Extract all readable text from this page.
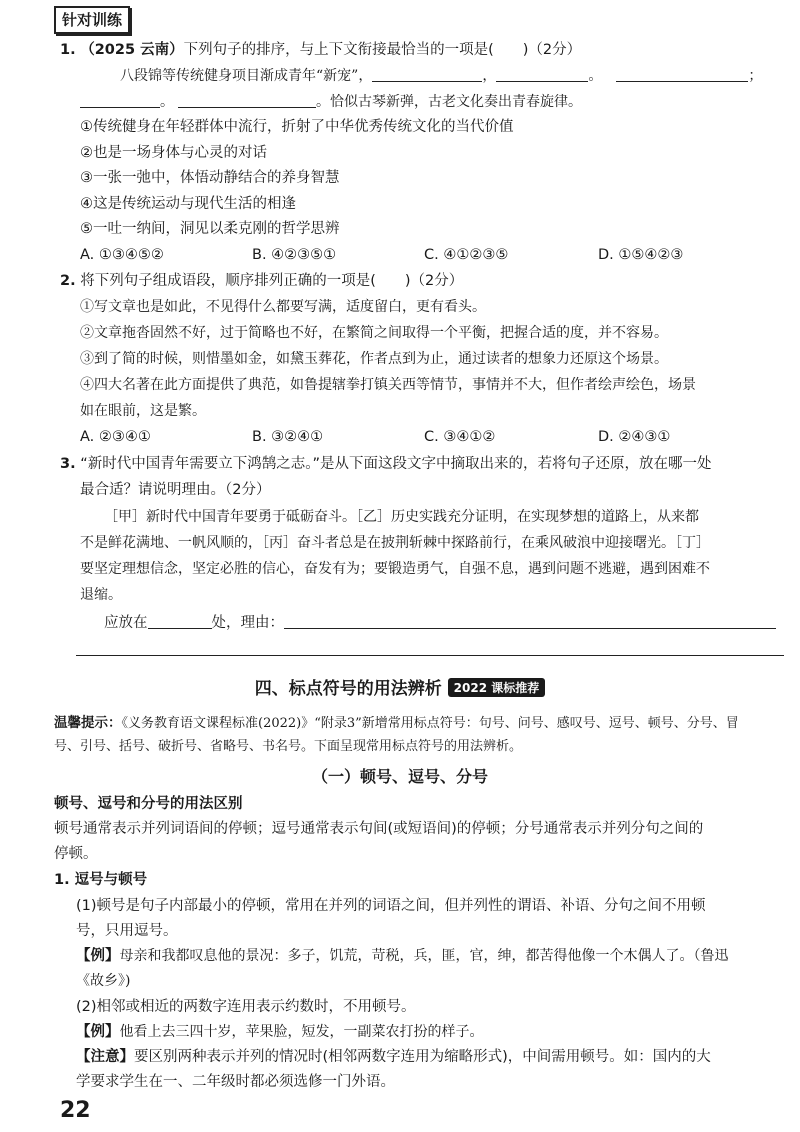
针对训练
1. （2025 云南）下列句子的排序，与上下文衔接最恰当的一项是(　　)（2分）
八段锦等传统健身项目渐成青年“新宠”，	，	。	；
。	。恰似古琴新弹，古老文化奏出青春旋律。
①传统健身在年轻群体中流行，折射了中华优秀传统文化的当代价值
②也是一场身体与心灵的对话
③一张一弛中，体悟动静结合的养身智慧
④这是传统运动与现代生活的相逢
⑤一吐一纳间，洞见以柔克刚的哲学思辨
A. ①③④⑤②	B. ④②③⑤①	C. ④①②③⑤	D. ①⑤④②③
2. 将下列句子组成语段，顺序排列正确的一项是(　　)（2分）
①写文章也是如此，不见得什么都要写满，适度留白，更有看头。
②文章拖沓固然不好，过于简略也不好，在繁简之间取得一个平衡，把握合适的度，并不容易。
③到了简的时候，则惜墨如金，如黛玉葬花，作者点到为止，通过读者的想象力还原这个场景。
④四大名著在此方面提供了典范，如鲁提辖拳打镇关西等情节，事情并不大，但作者绘声绘色，场景
如在眼前，这是繁。
A. ②③④①	B. ③②④①	C. ③④①②	D. ②④③①
3. “新时代中国青年需要立下鸿鹄之志。”是从下面这段文字中摘取出来的，若将句子还原，放在哪一处
最合适？请说明理由。（2分）
［甲］新时代中国青年要勇于砥砺奋斗。［乙］历史实践充分证明，在实现梦想的道路上，从来都
不是鲜花满地、一帆风顺的，［丙］奋斗者总是在披荆斩棘中探路前行，在乘风破浪中迎接曙光。［丁］
要坚定理想信念，坚定必胜的信心，奋发有为；要锻造勇气，自强不息，遇到问题不逃避，遇到困难不
退缩。
应放在	处，理由：
四、标点符号的用法辨析 2022 课标推荐
温馨提示：《义务教育语文课程标准(2022)》“附录3”新增常用标点符号：句号、问号、感叹号、逗号、顿号、分号、冒
号、引号、括号、破折号、省略号、书名号。下面呈现常用标点符号的用法辨析。
（一）顿号、逗号、分号
顿号、逗号和分号的用法区别
顿号通常表示并列词语间的停顿；逗号通常表示句间(或短语间)的停顿；分号通常表示并列分句之间的
停顿。
1. 逗号与顿号
(1)顿号是句子内部最小的停顿，常用在并列的词语之间，但并列性的谓语、补语、分句之间不用顿
号，只用逗号。
【例】母亲和我都叹息他的景况：多子，饥荒，苛税，兵，匪，官，绅，都苦得他像一个木偶人了。（鲁迅
《故乡》)
(2)相邻或相近的两数字连用表示约数时，不用顿号。
【例】他看上去三四十岁，苹果脸，短发，一副菜农打扮的样子。
【注意】要区别两种表示并列的情况时(相邻两数字连用为缩略形式)，中间需用顿号。如：国内的大
学要求学生在一、二年级时都必须选修一门外语。
22
